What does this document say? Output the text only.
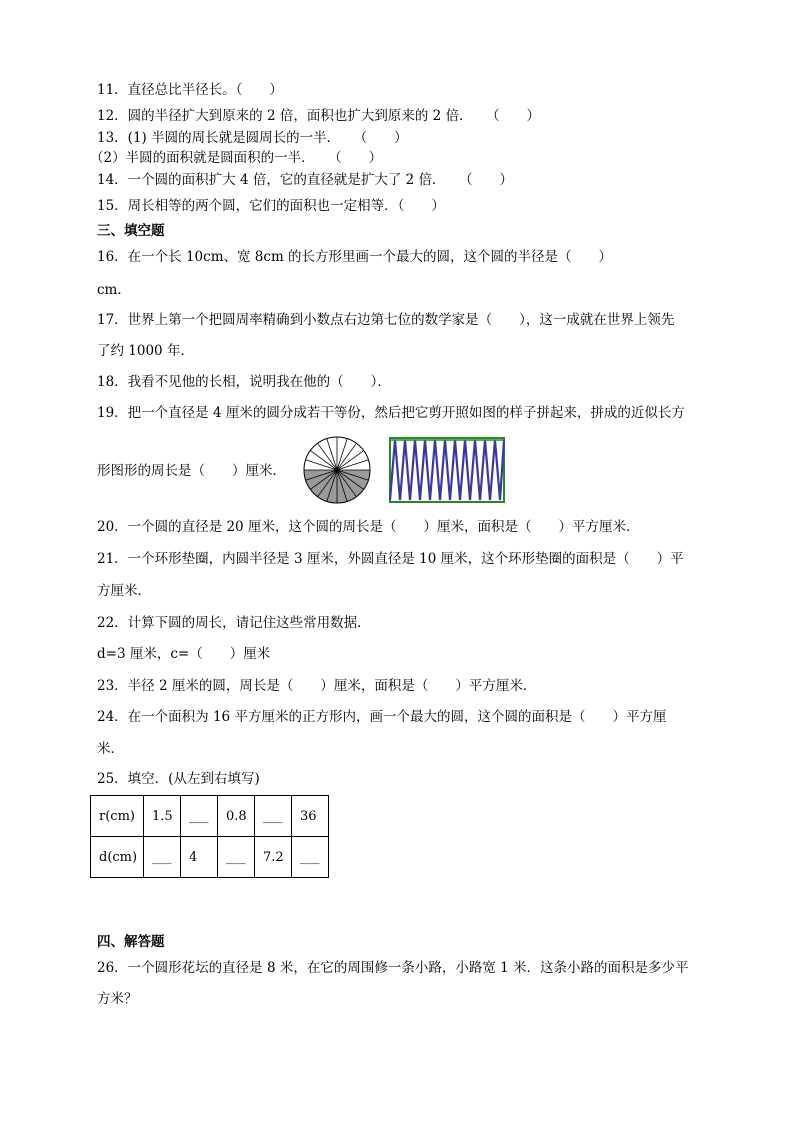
11．直径总比半径长。（　　）
12．圆的半径扩大到原来的 2 倍，面积也扩大到原来的 2 倍．　　（　　）
13．(1) 半圆的周长就是圆周长的一半．　　（　　）
（2）半圆的面积就是圆面积的一半．　　（　　）
14．一个圆的面积扩大 4 倍，它的直径就是扩大了 2 倍．　　（　　）
15．周长相等的两个圆，它们的面积也一定相等．（　　）
三、填空题
16．在一个长 10cm、宽 8cm 的长方形里画一个最大的圆，这个圆的半径是（　　）
cm．
17．世界上第一个把圆周率精确到小数点右边第七位的数学家是（　　），这一成就在世界上领先
了约 1000 年．
18．我看不见他的长相，说明我在他的（　　）．
19．把一个直径是 4 厘米的圆分成若干等份，然后把它剪开照如图的样子拼起来，拼成的近似长方
形图形的周长是（　　）厘米．
20．一个圆的直径是 20 厘米，这个圆的周长是（　　）厘米，面积是（　　）平方厘米．
21．一个环形垫圈，内圆半径是 3 厘米，外圆直径是 10 厘米，这个环形垫圈的面积是（　　）平
方厘米．
22．计算下圆的周长，请记住这些常用数据．
d=3 厘米，c=（　　）厘米
23．半径 2 厘米的圆，周长是（　　）厘米，面积是（　　）平方厘米．
24．在一个面积为 16 平方厘米的正方形内，画一个最大的圆，这个圆的面积是（　　）平方厘
米．
25．填空．(从左到右填写)
r(cm)	1.5	___	0.8	___	36
d(cm)	___	4	___	7.2	___
四、解答题
26．一个圆形花坛的直径是 8 米，在它的周围修一条小路，小路宽 1 米．这条小路的面积是多少平
方米？
